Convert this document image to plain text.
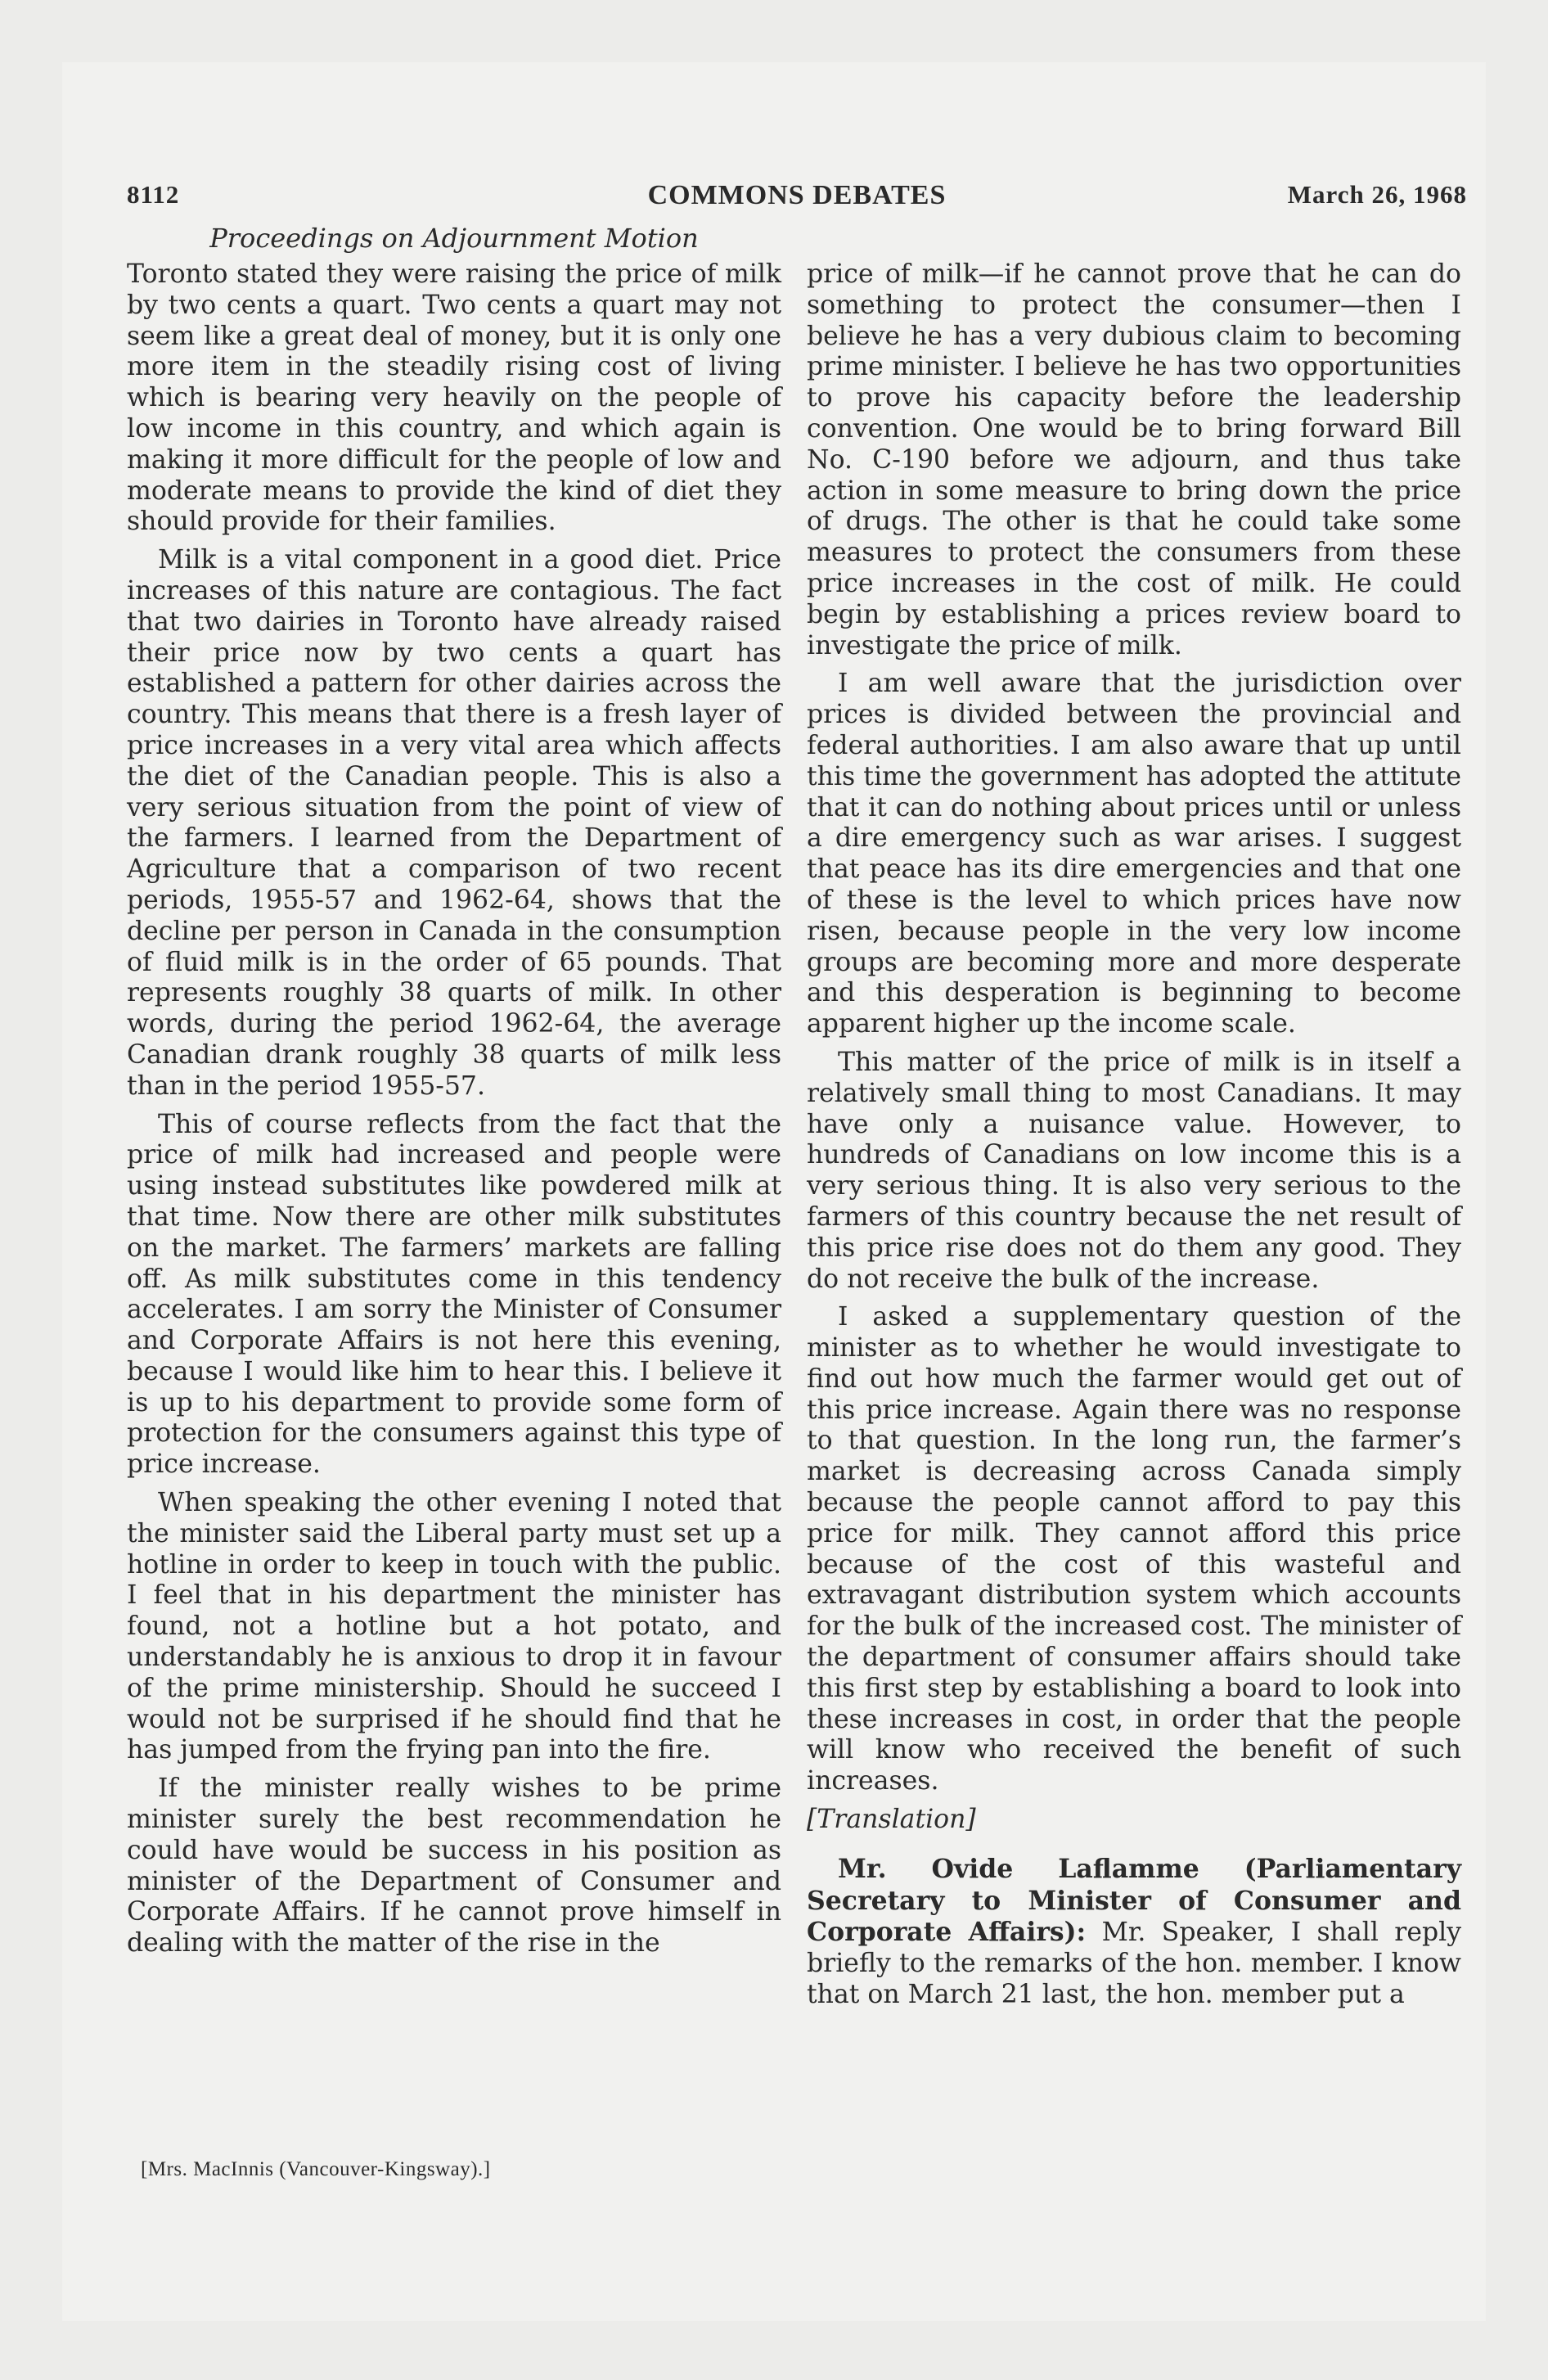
8112	COMMONS DEBATES	March 26, 1968
Proceedings on Adjournment Motion

Toronto stated they were raising the price of milk by two cents a quart. Two cents a quart may not seem like a great deal of money, but it is only one more item in the steadily rising cost of living which is bearing very heavily on the people of low income in this country, and which again is making it more difficult for the people of low and moderate means to provide the kind of diet they should provide for their families.

Milk is a vital component in a good diet. Price increases of this nature are contagious. The fact that two dairies in Toronto have already raised their price now by two cents a quart has established a pattern for other dairies across the country. This means that there is a fresh layer of price increases in a very vital area which affects the diet of the Canadian people. This is also a very serious situation from the point of view of the farmers. I learned from the Department of Agriculture that a comparison of two recent periods, 1955-57 and 1962-64, shows that the decline per person in Canada in the consumption of fluid milk is in the order of 65 pounds. That represents roughly 38 quarts of milk. In other words, during the period 1962-64, the average Canadian drank roughly 38 quarts of milk less than in the period 1955-57.

This of course reflects from the fact that the price of milk had increased and people were using instead substitutes like powdered milk at that time. Now there are other milk substitutes on the market. The farmers’ markets are falling off. As milk substitutes come in this tendency accelerates. I am sorry the Minister of Consumer and Corporate Affairs is not here this evening, because I would like him to hear this. I believe it is up to his department to provide some form of protection for the consumers against this type of price increase.

When speaking the other evening I noted that the minister said the Liberal party must set up a hotline in order to keep in touch with the public. I feel that in his department the minister has found, not a hotline but a hot potato, and understandably he is anxious to drop it in favour of the prime ministership. Should he succeed I would not be surprised if he should find that he has jumped from the frying pan into the fire.

If the minister really wishes to be prime minister surely the best recommendation he could have would be success in his position as minister of the Department of Consumer and Corporate Affairs. If he cannot prove himself in dealing with the matter of the rise in the

price of milk—if he cannot prove that he can do something to protect the consumer—then I believe he has a very dubious claim to becoming prime minister. I believe he has two opportunities to prove his capacity before the leadership convention. One would be to bring forward Bill No. C-190 before we adjourn, and thus take action in some measure to bring down the price of drugs. The other is that he could take some measures to protect the consumers from these price increases in the cost of milk. He could begin by establishing a prices review board to investigate the price of milk.

I am well aware that the jurisdiction over prices is divided between the provincial and federal authorities. I am also aware that up until this time the government has adopted the attitute that it can do nothing about prices until or unless a dire emergency such as war arises. I suggest that peace has its dire emergencies and that one of these is the level to which prices have now risen, because people in the very low income groups are becoming more and more desperate and this desperation is beginning to become apparent higher up the income scale.

This matter of the price of milk is in itself a relatively small thing to most Canadians. It may have only a nuisance value. However, to hundreds of Canadians on low income this is a very serious thing. It is also very serious to the farmers of this country because the net result of this price rise does not do them any good. They do not receive the bulk of the increase.

I asked a supplementary question of the minister as to whether he would investigate to find out how much the farmer would get out of this price increase. Again there was no response to that question. In the long run, the farmer’s market is decreasing across Canada simply because the people cannot afford to pay this price for milk. They cannot afford this price because of the cost of this wasteful and extravagant distribution system which accounts for the bulk of the increased cost. The minister of the department of consumer affairs should take this first step by establishing a board to look into these increases in cost, in order that the people will know who received the benefit of such increases.

[Translation]

Mr. Ovide Laflamme (Parliamentary Secretary to Minister of Consumer and Corporate Affairs): Mr. Speaker, I shall reply briefly to the remarks of the hon. member. I know that on March 21 last, the hon. member put a

[Mrs. MacInnis (Vancouver-Kingsway).]
